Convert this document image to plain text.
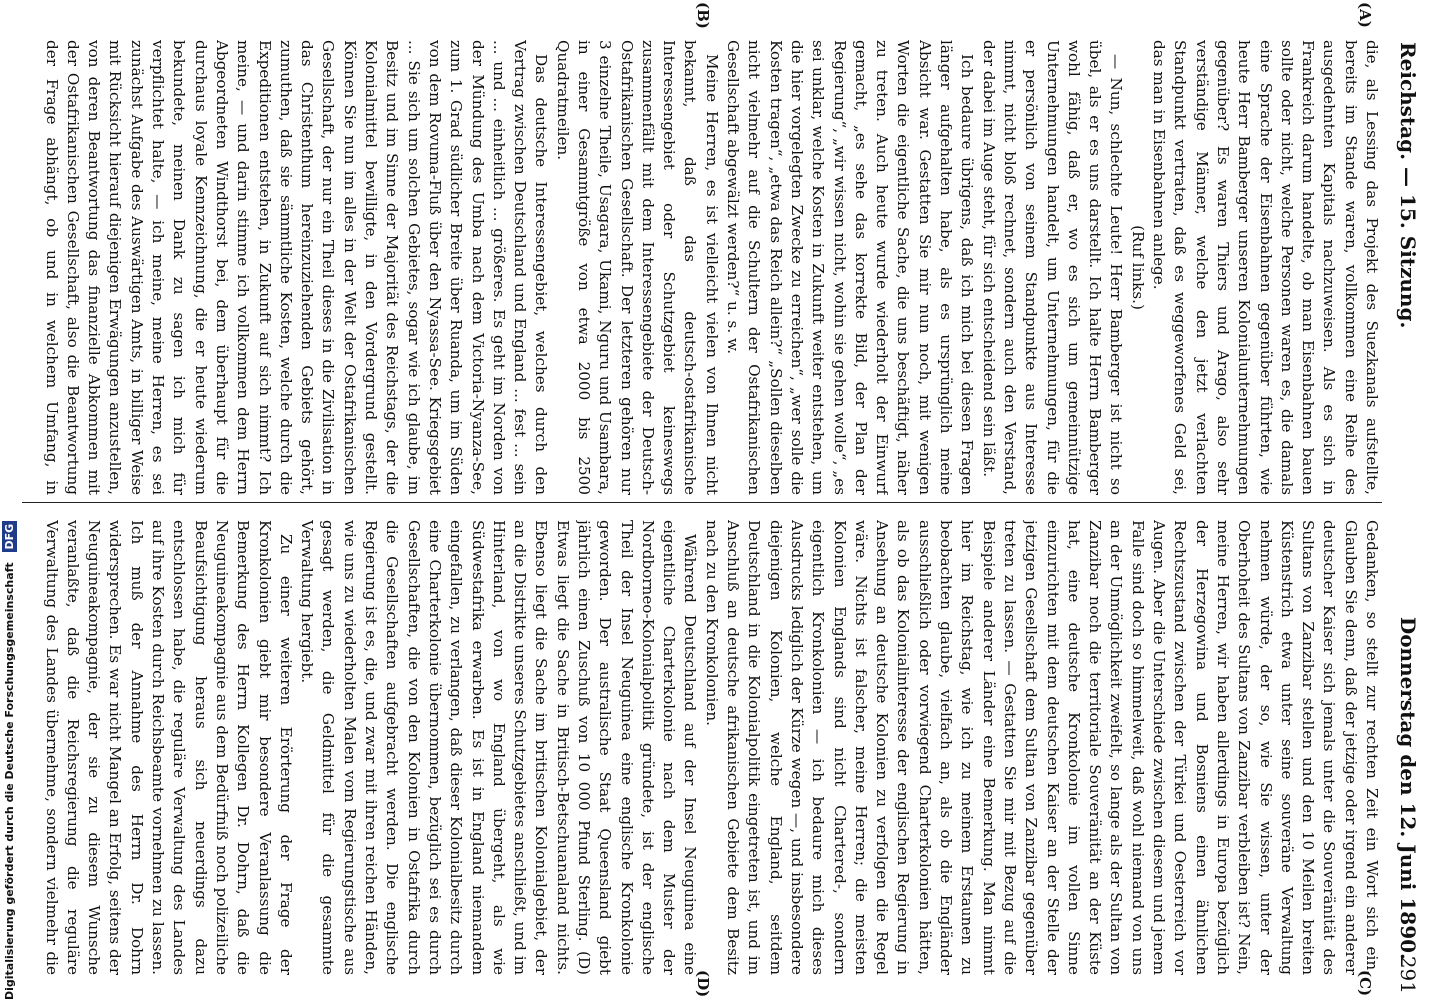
Reichstag. — 15. Sitzung.
Donnerstag den 12. Juni 1890.
(A)
(B)
(C)
(D)

die, als Lessing das Projekt des Suezkanals aufstellte, bereits im Stande waren, vollkommen eine Reihe des ausgedehnten Kapitals nachzuweisen. Als es sich in Frankreich darum handelte, ob man Eisenbahnen bauen sollte oder nicht, welche Personen waren es, die damals eine Sprache der Eisenbahnen gegenüber führten, wie heute Herr Bamberger unseren Kolonialunternehmungen gegenüber? Es waren Thiers und Arago, also sehr verständige Männer, welche den jetzt verlachten Standpunkt vertraten, daß es weggeworfenes Geld sei, das man in Eisenbahnen anlege.

(Ruf links.)

— Nun, schlechte Leute! Herr Bamberger ist nicht so übel, als er es uns darstellt. Ich halte Herrn Bamberger wohl fähig, daß er, wo es sich um gemeinnützige Unternehmungen handelt, um Unternehmungen, für die er persönlich von seinem Standpunkte aus Interesse nimmt, nicht bloß rechnet, sondern auch den Verstand, der dabei im Auge steht, für sich entscheidend sein läßt.

Ich bedaure übrigens, daß ich mich bei diesen Fragen länger aufgehalten habe, als es ursprünglich meine Absicht war. Gestatten Sie mir nun noch, mit wenigen Worten die eigentliche Sache, die uns beschäftigt, näher zu treten. Auch heute wurde wiederholt der Einwurf gemacht, „es sehe das korrekte Bild, der Plan der Regierung“, „wir wissen nicht, wohin sie gehen wolle“, „es sei unklar, welche Kosten in Zukunft weiter entstehen, um die hier vorgelegten Zwecke zu erreichen“, „wer solle die Kosten tragen“, „etwa das Reich allein?“ „Sollen dieselben nicht vielmehr auf die Schultern der Ostafrikanischen Gesellschaft abgewälzt werden?“ u. s. w.

Meine Herren, es ist vielleicht vielen von Ihnen nicht bekannt, daß das deutsch-ostafrikanische Interessengebiet oder Schutzgebiet keineswegs zusammenfällt mit dem Interessengebiete der Deutsch-Ostafrikanischen Gesellschaft. Der letzteren gehören nur 3 einzelne Theile, Usagara, Ukami, Nguru und Usambara, in einer Gesammtgröße von etwa 2000 bis 2500 Quadratmeilen.

Das deutsche Interessengebiet, welches durch den Vertrag zwischen Deutschland und England ... fest ... sein ... und ... einheitlich ... größeres. Es geht im Norden von der Mündung des Umba nach dem Victoria-Nyanza-See, zum 1. Grad südlicher Breite über Ruanda, um im Süden von dem Rovuma-Fluß über den Nyassa-See. Kriegsgebiet ... Sie sich um solchen Gebietes, sogar wie ich glaube, im Besitz und im Sinne der Majorität des Reichstags, der die Kolonialmittel bewilligte, in den Vordergrund gestellt. Können Sie nun im alles in der Welt der Ostafrikanischen Gesellschaft, der nur ein Theil dieses in die Zivilisation in das Christenthum hereinzuziehenden Gebiets gehört, zumuthen, daß sie sämmtliche Kosten, welche durch die Expeditionen entstehen, in Zukunft auf sich nimmt? Ich meine, — und darin stimme ich vollkommen dem Herrn Abgeordneten Windthorst bei, dem überhaupt für die durchaus loyale Kennzeichnung, die er heute wiederum bekundete, meinen Dank zu sagen ich mich für verpflichtet halte, — ich meine, meine Herren, es sei zunächst Aufgabe des Auswärtigen Amts, in billiger Weise mit Rücksicht hierauf diejenigen Erwägungen anzustellen, von deren Beantwortung das finanzielle Abkommen mit der Ostafrikanischen Gesellschaft, also die Beantwortung der Frage abhängt, ob und in welchem Umfang, in

Gedanken, so stellt zur rechten Zeit ein Wort sich ein. Glauben Sie denn, daß der jetzige oder irgend ein anderer deutscher Kaiser sich jemals unter die Souveränität des Sultans von Zanzibar stellen und den 10 Meilen breiten Küstenstrich etwa unter seine souveräne Verwaltung nehmen würde, der so, wie Sie wissen, unter der Oberhoheit des Sultans von Zanzibar verbleiben ist? Nein, meine Herren, wir haben allerdings in Europa bezüglich der Herzegowina und Bosniens einen ähnlichen Rechtszustand zwischen der Türkei und Oesterreich vor Augen. Aber die Unterschiede zwischen diesem und jenem Falle sind doch so himmelweit, daß wohl niemand von uns an der Unmöglichkeit zweifelt, so lange als der Sultan von Zanzibar noch die territoriale Souveränität an der Küste hat, eine deutsche Kronkolonie im vollen Sinne einzurichten mit dem deutschen Kaiser an der Stelle der jetzigen Gesellschaft dem Sultan von Zanzibar gegenüber treten zu lassen. — Gestatten Sie mir mit Bezug auf die Beispiele anderer Länder eine Bemerkung. Man nimmt hier im Reichstag, wie ich zu meinem Erstaunen zu beobachten glaube, vielfach an, als ob die Engländer ausschließlich oder vorwiegend Charterkolonien hätten, als ob das Kolonialinteresse der englischen Regierung in Ansehung an deutsche Kolonien zu verfolgen die Regel wäre. Nichts ist falscher, meine Herren; die meisten Kolonien Englands sind nicht Chartered-, sondern eigentlich Kronkolonien — ich bedaure mich dieses Ausdrucks lediglich der Kürze wegen —, und insbesondere diejenigen Kolonien, welche England, seitdem Deutschland in die Kolonialpolitik eingetreten ist, und im Anschluß an deutsche afrikanischen Gebiete dem Besitz nach zu den Kronkolonien.

Während Deutschland auf der Insel Neuguinea eine eigentliche Charterkolonie nach dem Muster der Nordborneo-Kolonialpolitik gründete, ist der englische Theil der Insel Neuguinea eine englische Kronkolonie geworden. Der australische Staat Queensland giebt jährlich einen Zuschuß von 10 000 Pfund Sterling. (D) Etwas liegt die Sache in Britisch-Betschuanaland nichts. Ebenso liegt die Sache im britischen Kolonialgebiet, der an die Distrikte unseres Schutzgebietes anschließt, und im Hinterland, von wo England übergeht, als wie Südwestafrika erwarben. Es ist in England niemandem eingefallen, zu verlangen, daß dieser Kolonialbesitz durch eine Charterkolonie übernommen, bezüglich sei es durch Gesellschaften, die von den Kolonien in Ostafrika durch die Gesellschaften aufgebracht werden. Die englische Regierung ist es, die, und zwar mit ihren reichen Händen, wie uns zu wiederholten Malen vom Regierungstische aus gesagt werden, die Geldmittel für die gesammte Verwaltung hergiebt.

Zu einer weiteren Erörterung der Frage der Kronkolonien giebt mir besondere Veranlassung die Bemerkung des Herrn Kollegen Dr. Dohrn, daß die Neuguineakompagnie aus dem Bedürfniß noch polizeiliche Beaufsichtigung heraus sich neuerdings dazu entschlossen habe, die reguläre Verwaltung des Landes auf ihre Kosten durch Reichsbeamte vornehmen zu lassen. Ich muß der Annahme des Herrn Dr. Dohrn widersprechen. Es war nicht Mangel an Erfolg, seitens der Neuguineakompagnie, der sie zu diesem Wunsche veranlaßte, daß die Reichsregierung die reguläre Verwaltung des Landes übernehme, sondern vielmehr die	291
Digitalisierung gefördert durch die Deutsche Forschungsgemeinschaft DFG
